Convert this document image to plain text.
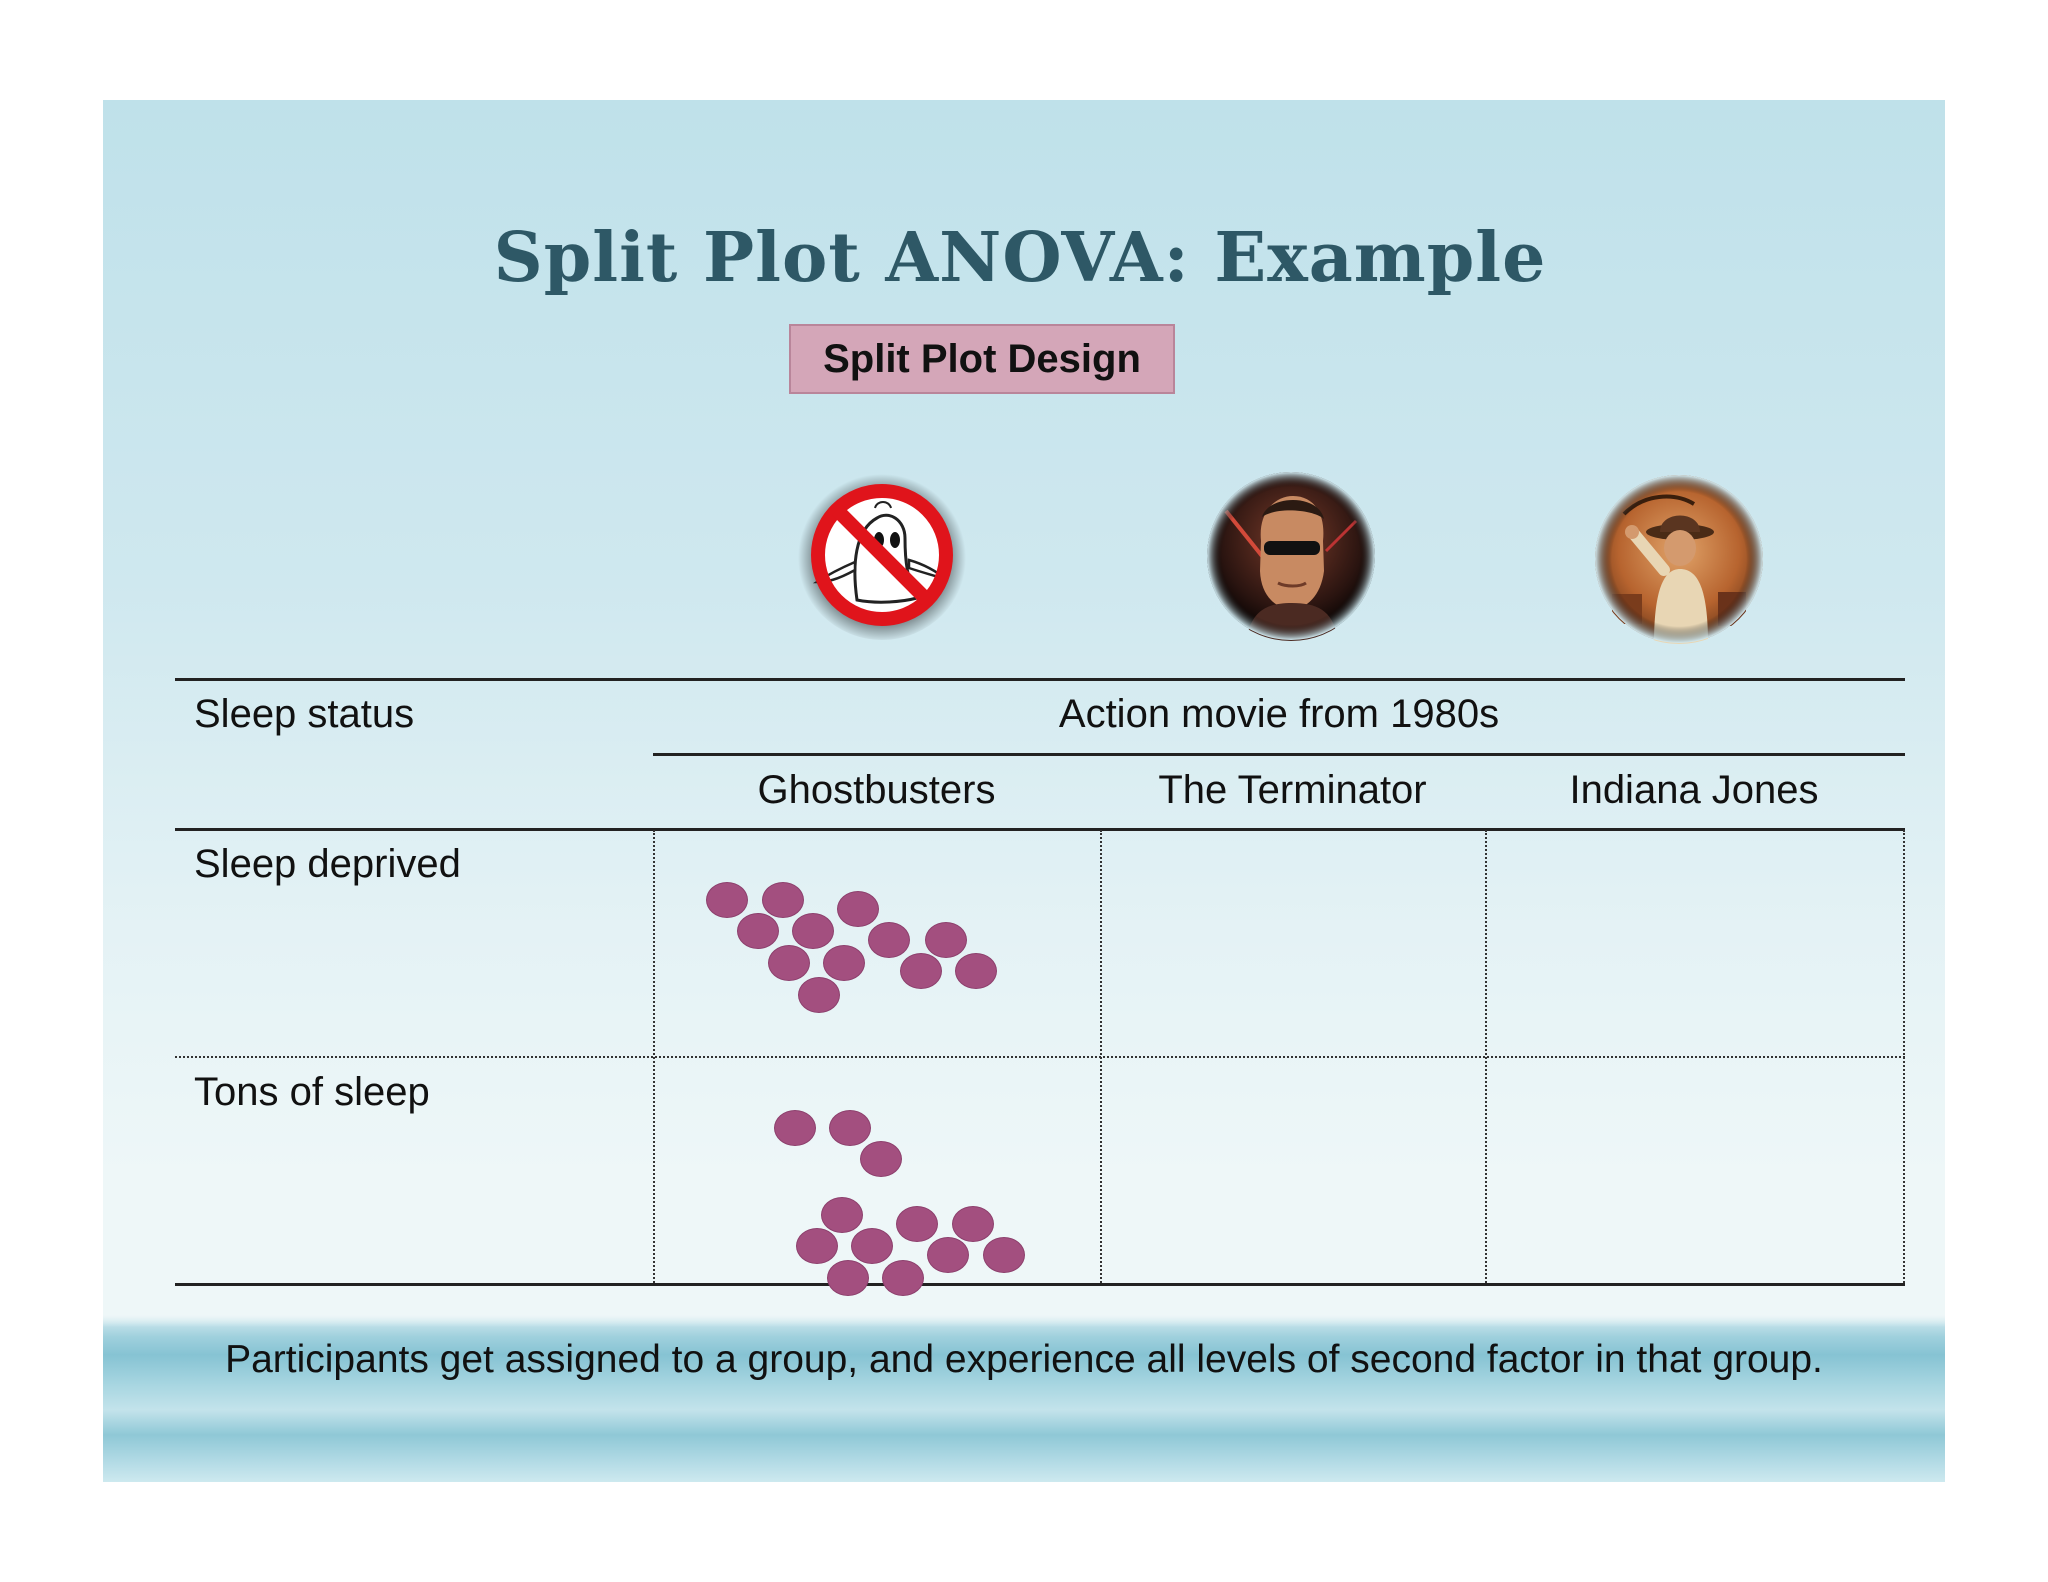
Split Plot ANOVA: Example
Split Plot Design
Sleep status	Action movie from 1980s
Ghostbusters	The Terminator	Indiana Jones
Sleep deprived
Tons of sleep
Participants get assigned to a group, and experience all levels of second factor in that group.
